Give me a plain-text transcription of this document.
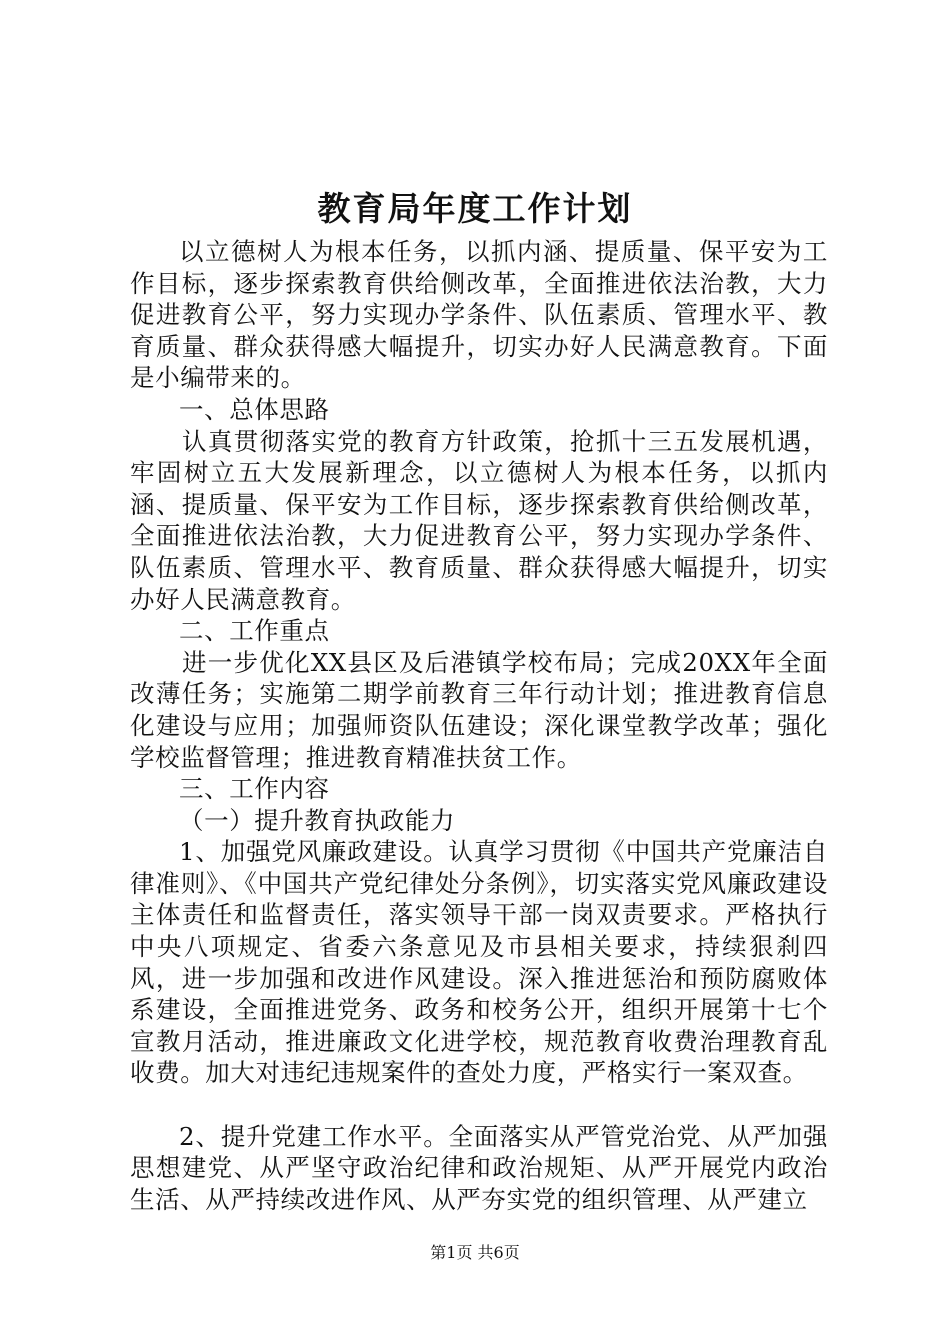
教育局年度工作计划

以立德树人为根本任务，以抓内涵、提质量、保平安为工作目标，逐步探索教育供给侧改革，全面推进依法治教，大力促进教育公平，努力实现办学条件、队伍素质、管理水平、教育质量、群众获得感大幅提升，切实办好人民满意教育。下面是小编带来的。

一、总体思路

认真贯彻落实党的教育方针政策，抢抓十三五发展机遇，牢固树立五大发展新理念，以立德树人为根本任务，以抓内涵、提质量、保平安为工作目标，逐步探索教育供给侧改革，全面推进依法治教，大力促进教育公平，努力实现办学条件、队伍素质、管理水平、教育质量、群众获得感大幅提升，切实办好人民满意教育。

二、工作重点

进一步优化XX县区及后港镇学校布局；完成20XX年全面改薄任务；实施第二期学前教育三年行动计划；推进教育信息化建设与应用；加强师资队伍建设；深化课堂教学改革；强化学校监督管理；推进教育精准扶贫工作。

三、工作内容

（一）提升教育执政能力

1、加强党风廉政建设。认真学习贯彻《中国共产党廉洁自律准则》、《中国共产党纪律处分条例》，切实落实党风廉政建设主体责任和监督责任，落实领导干部一岗双责要求。严格执行中央八项规定、省委六条意见及市县相关要求，持续狠刹四风，进一步加强和改进作风建设。深入推进惩治和预防腐败体系建设，全面推进党务、政务和校务公开，组织开展第十七个宣教月活动，推进廉政文化进学校，规范教育收费治理教育乱收费。加大对违纪违规案件的查处力度，严格实行一案双查。

2、提升党建工作水平。全面落实从严管党治党、从严加强思想建党、从严坚守政治纪律和政治规矩、从严开展党内政治生活、从严持续改进作风、从严夯实党的组织管理、从严建立

第1页 共6页
